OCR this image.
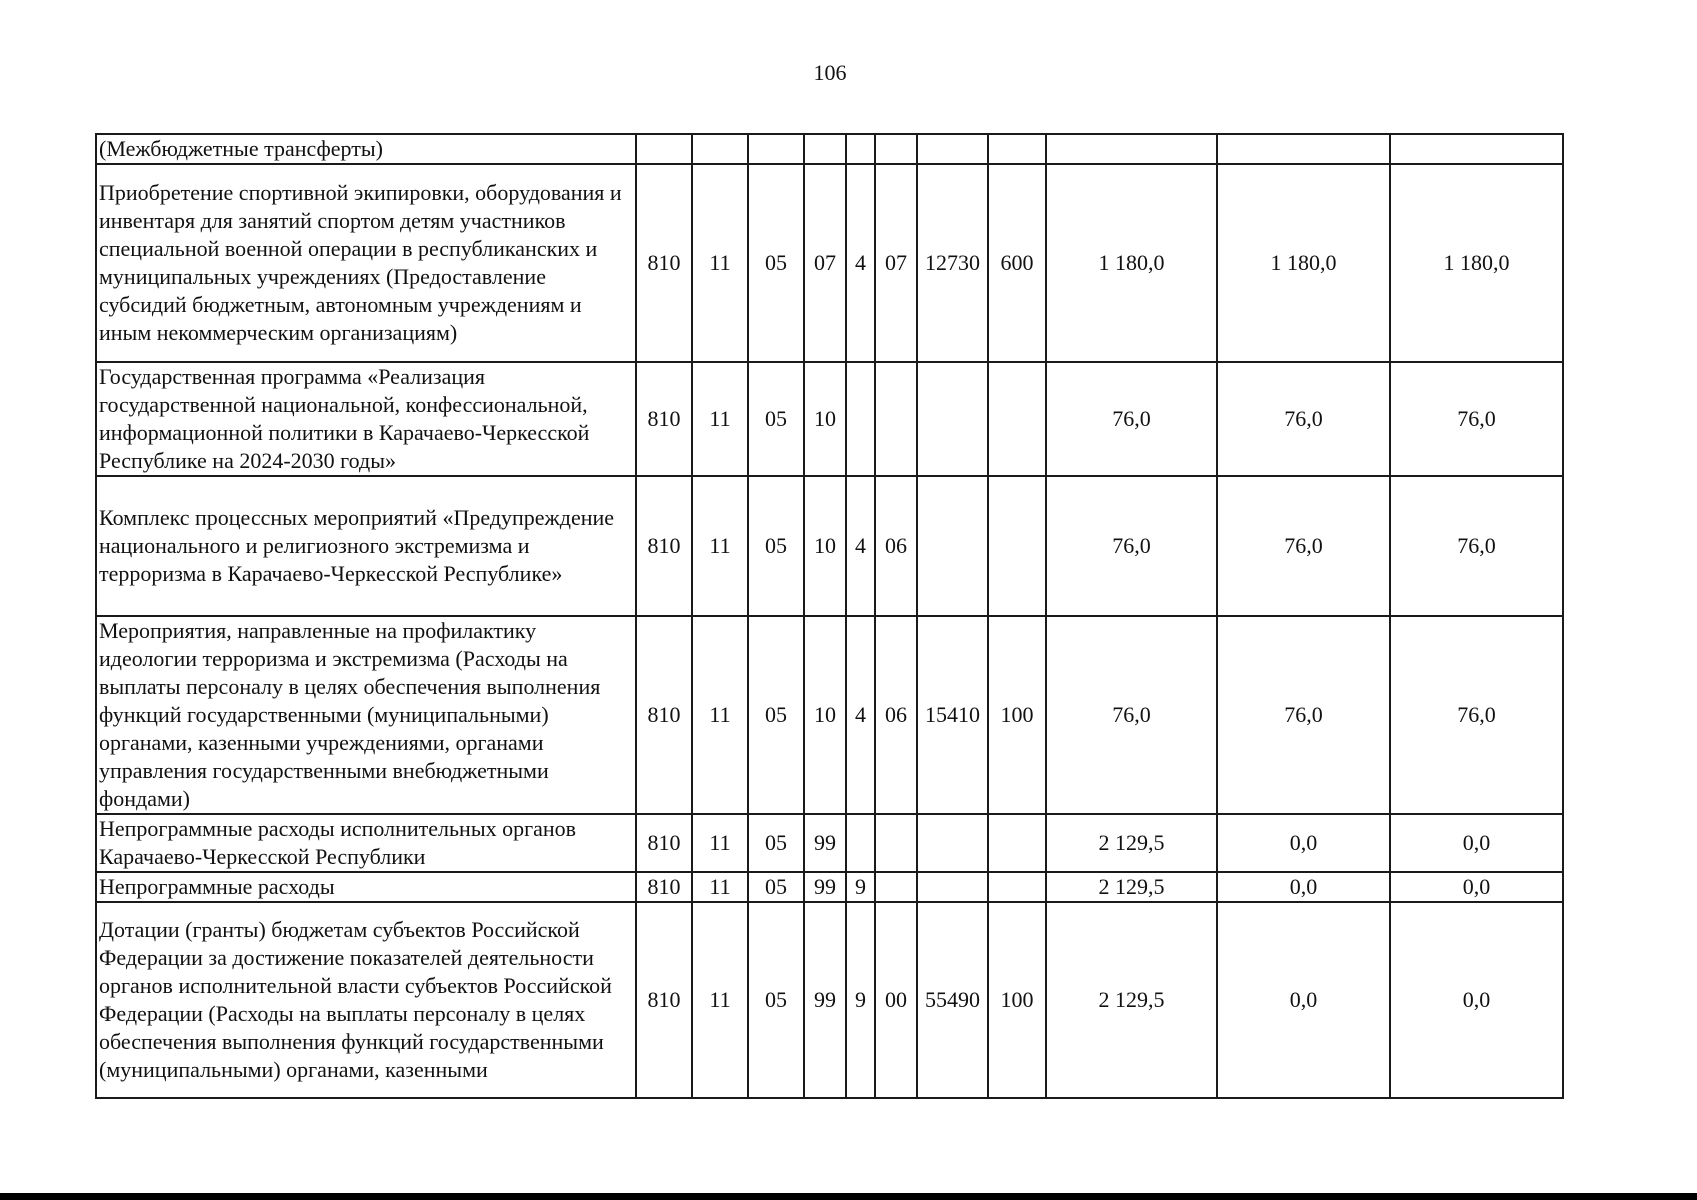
106
(Межбюджетные трансферты)											
Приобретение спортивной экипировки, оборудования и инвентаря для занятий спортом детям участников специальной военной операции в республиканских и муниципальных учреждениях (Предоставление субсидий бюджетным, автономным учреждениям и иным некоммерческим организациям)	810	11	05	07	4	07	12730	600	1 180,0	1 180,0	1 180,0
Государственная программа «Реализация государственной национальной, конфессиональной, информационной политики в Карачаево-Черкесской Республике на 2024-2030 годы»	810	11	05	10					76,0	76,0	76,0
Комплекс процессных мероприятий «Предупреждение национального и религиозного экстремизма и терроризма в Карачаево-Черкесской Республике»	810	11	05	10	4	06			76,0	76,0	76,0
Мероприятия, направленные на профилактику идеологии терроризма и экстремизма (Расходы на выплаты персоналу в целях обеспечения выполнения функций государственными (муниципальными) органами, казенными учреждениями, органами управления государственными внебюджетными фондами)	810	11	05	10	4	06	15410	100	76,0	76,0	76,0
Непрограммные расходы исполнительных органов Карачаево-Черкесской Республики	810	11	05	99					2 129,5	0,0	0,0
Непрограммные расходы	810	11	05	99	9				2 129,5	0,0	0,0
Дотации (гранты) бюджетам субъектов Российской Федерации за достижение показателей деятельности органов исполнительной власти субъектов Российской Федерации (Расходы на выплаты персоналу в целях обеспечения выполнения функций государственными (муниципальными) органами, казенными	810	11	05	99	9	00	55490	100	2 129,5	0,0	0,0
